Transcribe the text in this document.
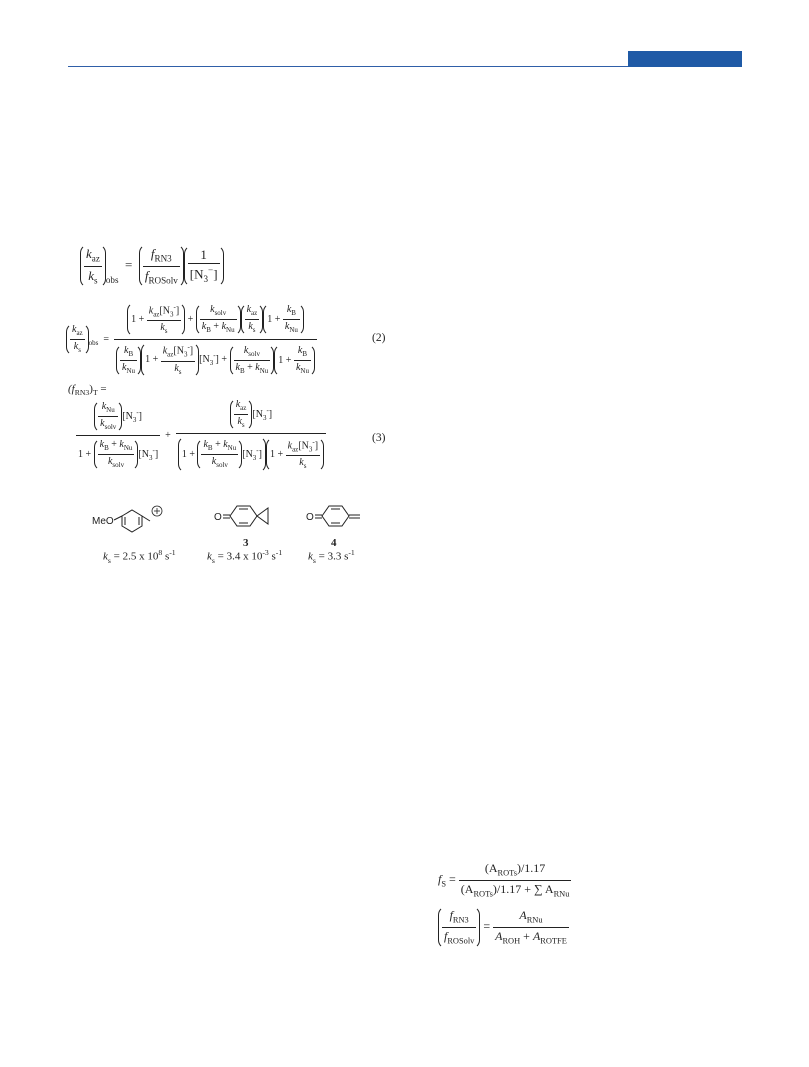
$\frac{k_{az}}{k_s} _{obs} = \frac{f_{RN3}}{f_{ROSolv}} \frac{1}{[N_3^-]}$
$\frac{k_{az}}{k_s} _{obs} = \frac{1 + \frac{k_{az}[N_3^-]}{k_s} + \frac{k_{solv}}{k_B + k_{Nu}} \frac{k_{az}}{k_s} 1 + \frac{k_B}{k_{Nu}}}{\frac{k_B}{k_{Nu}} 1 + \frac{k_{az}[N_3^-]}{k_s} [N_3^-] + \frac{k_{solv}}{k_B + k_{Nu}} 1 + \frac{k_B}{k_{Nu}}}$	(2)
$(f_{RN3})_T$ =
$\frac{\frac{k_{Nu}}{k_{solv}} [N_3^-]}{1 + \frac{k_B + k_{Nu}}{k_{solv}} [N_3^-]} + \frac{\frac{k_{az}}{k_s} [N_3^-]}{1 + \frac{k_B + k_{Nu}}{k_{solv}} [N_3^-] 1 + \frac{k_{az}[N_3^-]}{k_s}}$	(3)
MeO	O	O
3	4
$k_s = 2.5$ x $10^8$ $s^{-1}$	$k_s = 3.4$ x $10^{-3}$ $s^{-1}$ $k_s = 3.3$ $s^{-1}$
$f_S = \frac{(A_{ROTs})/1.17}{(A_{ROTs})/1.17 + \sum A_{RNu}}$
$\frac{f_{RN3}}{f_{ROSolv}} = \frac{A_{RNu}}{A_{ROH} + A_{ROTFE}}$
